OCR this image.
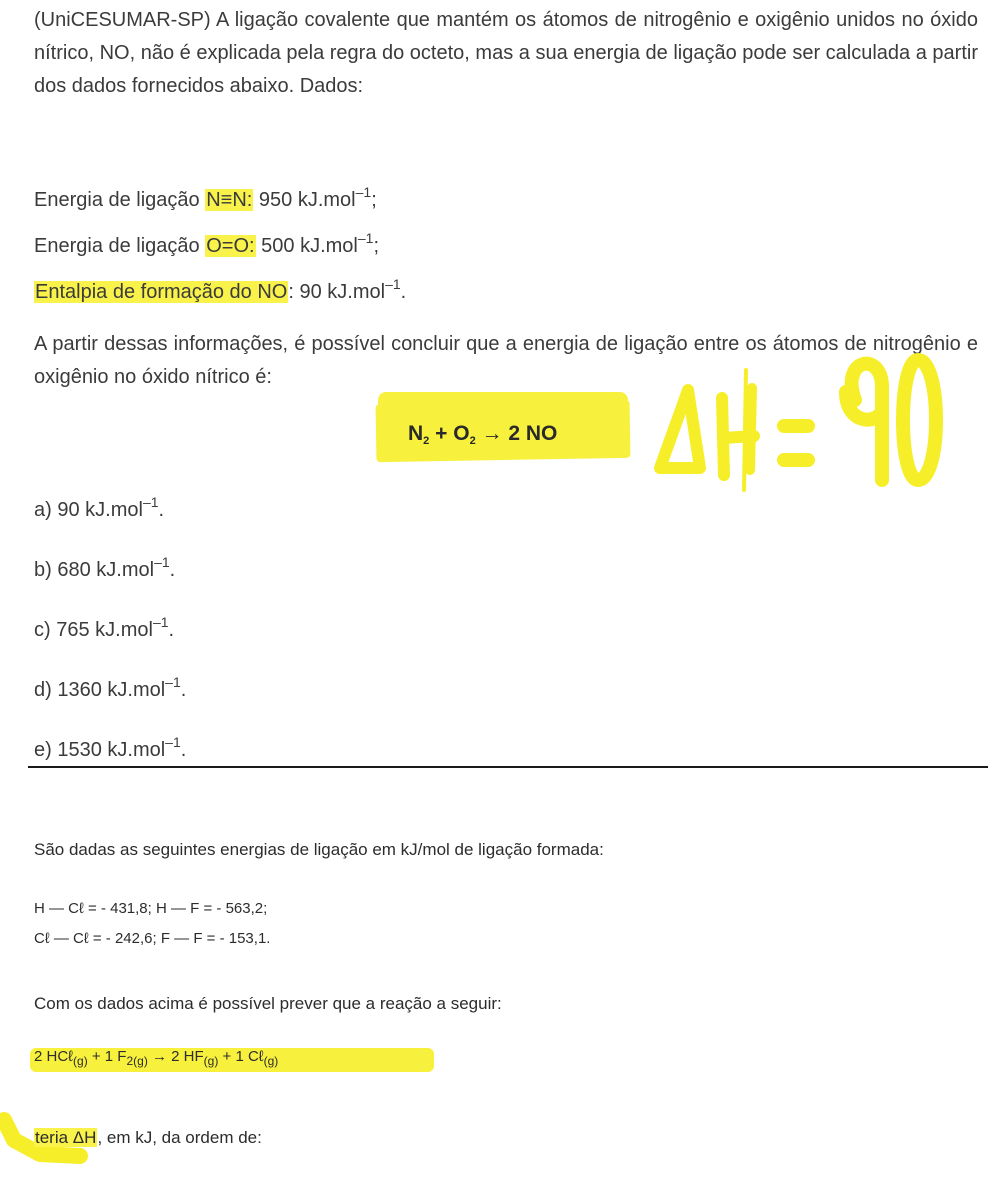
(UniCESUMAR-SP) A ligação covalente que mantém os átomos de nitrogênio e oxigênio unidos no óxido nítrico, NO, não é explicada pela regra do octeto, mas a sua energia de ligação pode ser calculada a partir dos dados fornecidos abaixo. Dados:

Energia de ligação N≡N: 950 kJ.mol$^{-1}$;

Energia de ligação O=O: 500 kJ.mol$^{-1}$;

Entalpia de formação do NO: 90 kJ.mol$^{-1}$.

A partir dessas informações, é possível concluir que a energia de ligação entre os átomos de nitrogênio e oxigênio no óxido nítrico é:

$N_2 + O_2 \to 2$ NO
a) 90 kJ.mol$^{-1}$.
b) 680 kJ.mol$^{-1}$.
c) 765 kJ.mol$^{-1}$.
d) 1360 kJ.mol$^{-1}$.
e) 1530 kJ.mol$^{-1}$.

São dadas as seguintes energias de ligação em kJ/mol de ligação formada:

H — Cℓ = - 431,8; H — F = - 563,2;

Cℓ — Cℓ = - 242,6; F — F = - 153,1.

Com os dados acima é possível prever que a reação a seguir:

2 HCℓ$_{(g)}$ + 1 $F_{2(g)} \to 2$ $HF_{(g)} + 1$ Cℓ$_{(g)}$

teria ΔH, em kJ, da ordem de:
